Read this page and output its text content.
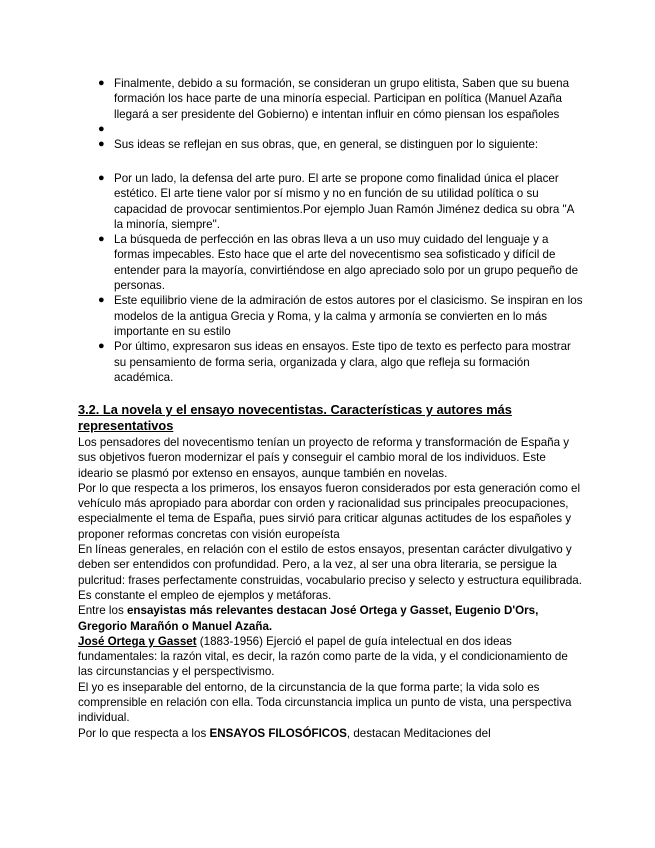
● Finalmente, debido a su formación, se consideran un grupo elitista, Saben que su buena formación los hace parte de una minoría especial. Participan en política (Manuel Azaña llegará a ser presidente del Gobierno) e intentan influir en cómo piensan los españoles
●
● Sus ideas se reflejan en sus obras, que, en general, se distinguen por lo siguiente:
● Por un lado, la defensa del arte puro. El arte se propone como finalidad única el placer estético. El arte tiene valor por sí mismo y no en función de su utilidad política o su capacidad de provocar sentimientos.Por ejemplo Juan Ramón Jiménez dedica su obra "A la minoría, siempre".
● La búsqueda de perfección en las obras lleva a un uso muy cuidado del lenguaje y a formas impecables. Esto hace que el arte del novecentismo sea sofisticado y difícil de entender para la mayoría, convirtiéndose en algo apreciado solo por un grupo pequeño de personas.
● Este equilibrio viene de la admiración de estos autores por el clasicismo. Se inspiran en los modelos de la antigua Grecia y Roma, y la calma y armonía se convierten en lo más importante en su estilo
● Por último, expresaron sus ideas en ensayos. Este tipo de texto es perfecto para mostrar su pensamiento de forma seria, organizada y clara, algo que refleja su formación académica.
3.2. La novela y el ensayo novecentistas. Características y autores más representativos

Los pensadores del novecentismo tenían un proyecto de reforma y transformación de España y sus objetivos fueron modernizar el país y conseguir el cambio moral de los individuos. Este ideario se plasmó por extenso en ensayos, aunque también en novelas.

Por lo que respecta a los primeros, los ensayos fueron considerados por esta generación como el vehículo más apropiado para abordar con orden y racionalidad sus principales preocupaciones, especialmente el tema de España, pues sirvió para criticar algunas actitudes de los españoles y proponer reformas concretas con visión europeísta

En líneas generales, en relación con el estilo de estos ensayos, presentan carácter divulgativo y deben ser entendidos con profundidad. Pero, a la vez, al ser una obra literaria, se persigue la pulcritud: frases perfectamente construidas, vocabulario preciso y selecto y estructura equilibrada. Es constante el empleo de ejemplos y metáforas.

Entre los ensayistas más relevantes destacan José Ortega y Gasset, Eugenio D'Ors, Gregorio Marañón o Manuel Azaña.

José Ortega y Gasset (1883-1956) Ejerció el papel de guía intelectual en dos ideas fundamentales: la razón vital, es decir, la razón como parte de la vida, y el condicionamiento de las circunstancias y el perspectivismo.

El yo es inseparable del entorno, de la circunstancia de la que forma parte; la vida solo es comprensible en relación con ella. Toda circunstancia implica un punto de vista, una perspectiva individual.

Por lo que respecta a los ENSAYOS FILOSÓFICOS, destacan Meditaciones del
